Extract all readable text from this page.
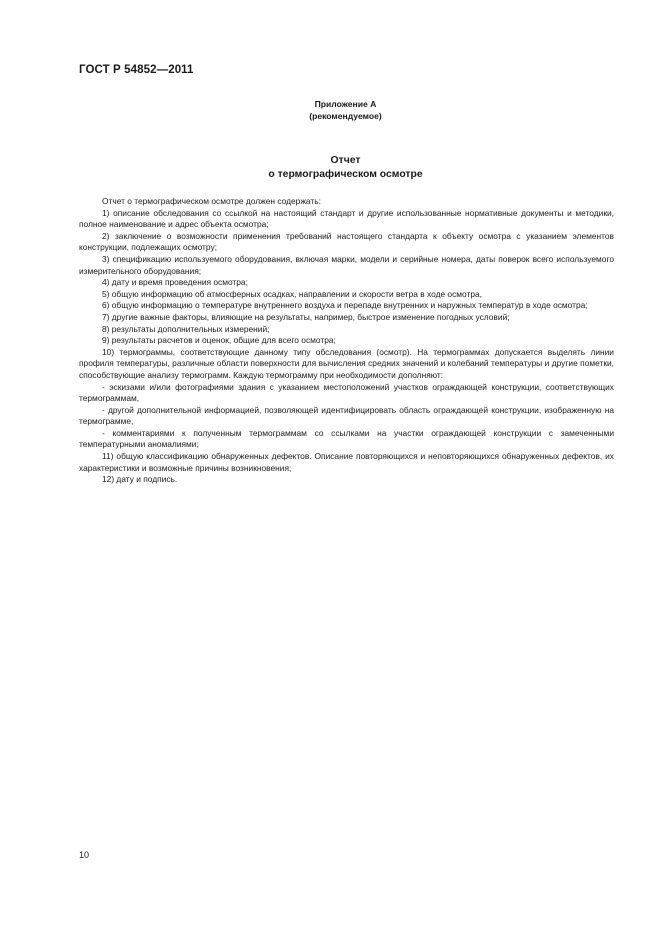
ГОСТ Р 54852—2011
Приложение А
(рекомендуемое)
Отчет
о термографическом осмотре

Отчет о термографическом осмотре должен содержать:

1) описание обследования со ссылкой на настоящий стандарт и другие использованные нормативные документы и методики, полное наименование и адрес объекта осмотра;

2) заключение о возможности применения требований настоящего стандарта к объекту осмотра с указанием элементов конструкции, подлежащих осмотру;

3) спецификацию используемого оборудования, включая марки, модели и серийные номера, даты поверок всего используемого измерительного оборудования;

4) дату и время проведения осмотра;

5) общую информацию об атмосферных осадках, направлении и скорости ветра в ходе осмотра,

6) общую информацию о температуре внутреннего воздуха и перепаде внутренних и наружных температур в ходе осмотра;

7) другие важные факторы, влияющие на результаты, например, быстрое изменение погодных условий;

8) результаты дополнительных измерений;

9) результаты расчетов и оценок, общие для всего осмотра;

10) термограммы, соответствующие данному типу обследования (осмотр). На термограммах допускается выделять линии профиля температуры, различные области поверхности для вычисления средних значений и колебаний температуры и другие пометки, способствующие анализу термограмм. Каждую термограмму при необходимости дополняют:

- эскизами и/или фотографиями здания с указанием местоположений участков ограждающей конструкции, соответствующих термограммам,

- другой дополнительной информацией, позволяющей идентифицировать область ограждающей конструкции, изображенную на термограмме,

- комментариями к полученным термограммам со ссылками на участки ограждающей конструкции с замеченными температурными аномалиями;

11) общую классификацию обнаруженных дефектов. Описание повторяющихся и неповторяющихся обнаруженных дефектов, их характеристики и возможные причины возникновения;

12) дату и подпись.

10
